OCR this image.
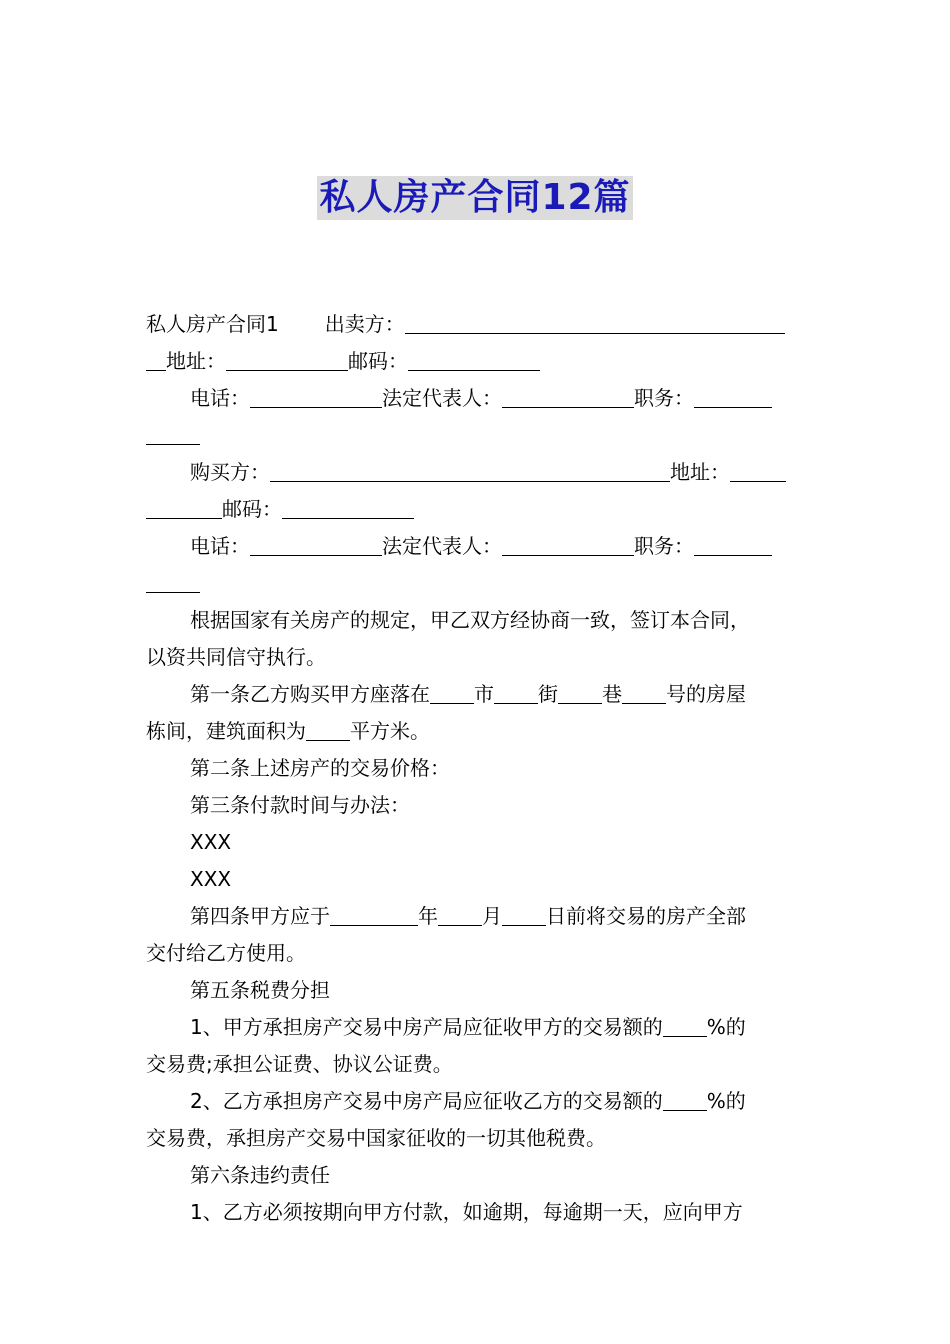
私人房产合同12篇
私人房产合同1 出卖方：
地址：	邮码：
电话：	法定代表人：	职务：
购买方：	地址：
邮码：
电话：	法定代表人：	职务：
根据国家有关房产的规定，甲乙双方经协商一致，签订本合同，
以资共同信守执行。
第一条乙方购买甲方座落在 市 街 巷 号的房屋
栋间，建筑面积为 平方米。
第二条上述房产的交易价格：
第三条付款时间与办法：
XXX
XXX
第四条甲方应于	年 月 日前将交易的房产全部
交付给乙方使用。
第五条税费分担
1、甲方承担房产交易中房产局应征收甲方的交易额的 %的
交易费;承担公证费、协议公证费。
2、乙方承担房产交易中房产局应征收乙方的交易额的 %的
交易费，承担房产交易中国家征收的一切其他税费。
第六条违约责任
1、乙方必须按期向甲方付款，如逾期，每逾期一天，应向甲方
